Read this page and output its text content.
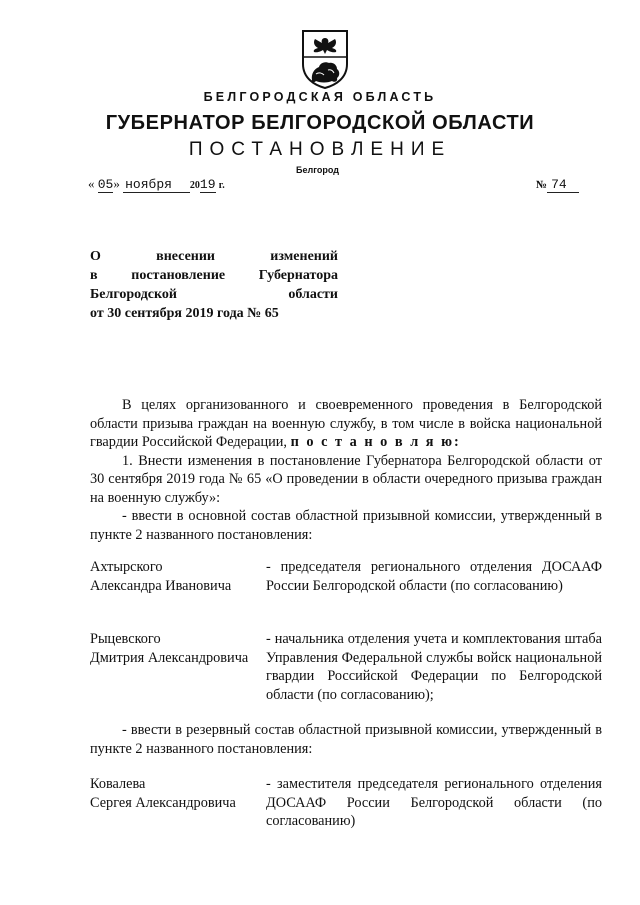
БЕЛГОРОДСКАЯ ОБЛАСТЬ
ГУБЕРНАТОР БЕЛГОРОДСКОЙ ОБЛАСТИ
ПОСТАНОВЛЕНИЕ
Белгород
« 05» ноября 2019 г.	№ 74
О внесении изменений
в постановление Губернатора
Белгородской области
от 30 сентября 2019 года № 65
В целях организованного и своевременного проведения в Белгородской области призыва граждан на военную службу, в том числе в войска национальной гвардии Российской Федерации, п о с т а н о в л я ю:
1. Внести изменения в постановление Губернатора Белгородской области от 30 сентября 2019 года № 65 «О проведении в области очередного призыва граждан на военную службу»:
- ввести в основной состав областной призывной комиссии, утвержденный в пункте 2 названного постановления:
Ахтырского
Александра Ивановича
- председателя регионального отделения ДОСААФ России Белгородской области (по согласованию)
Рыцевского
Дмитрия Александровича
- начальника отделения учета и комплектования штаба Управления Федеральной службы войск национальной гвардии Российской Федерации по Белгородской области (по согласованию);
- ввести в резервный состав областной призывной комиссии, утвержденный в пункте 2 названного постановления:
Ковалева
Сергея Александровича
- заместителя председателя регионального отделения ДОСААФ России Белгородской области (по согласованию)
